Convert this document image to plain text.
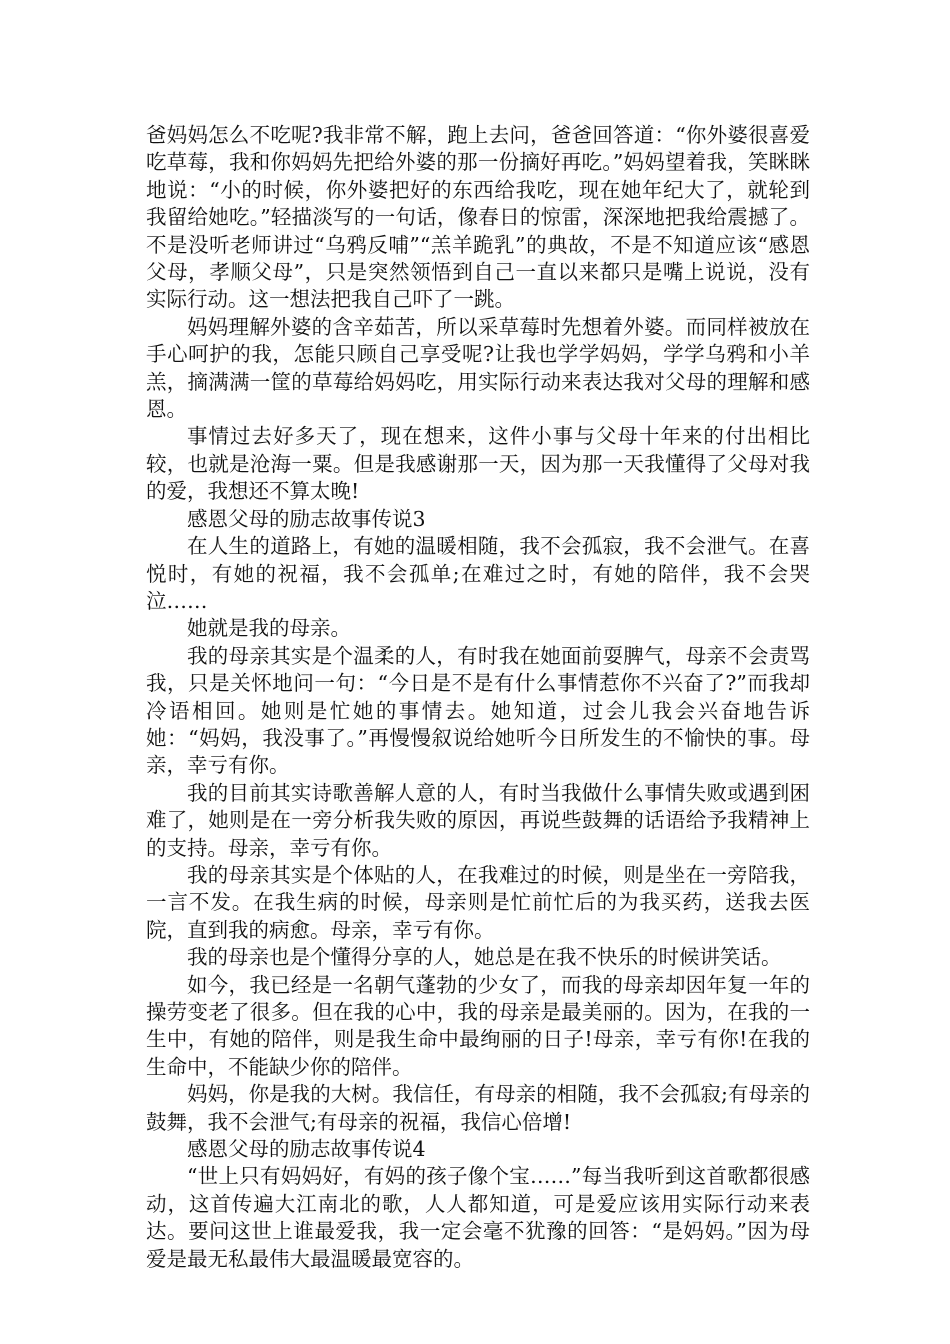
爸妈妈怎么不吃呢?我非常不解，跑上去问，爸爸回答道：“你外婆很喜爱吃草莓，我和你妈妈先把给外婆的那一份摘好再吃。”妈妈望着我，笑眯眯地说：“小的时候，你外婆把好的东西给我吃，现在她年纪大了，就轮到我留给她吃。”轻描淡写的一句话，像春日的惊雷，深深地把我给震撼了。不是没听老师讲过“乌鸦反哺”“羔羊跪乳”的典故，不是不知道应该“感恩父母，孝顺父母”，只是突然领悟到自己一直以来都只是嘴上说说，没有实际行动。这一想法把我自己吓了一跳。

妈妈理解外婆的含辛茹苦，所以采草莓时先想着外婆。而同样被放在手心呵护的我，怎能只顾自己享受呢?让我也学学妈妈，学学乌鸦和小羊羔，摘满满一筐的草莓给妈妈吃，用实际行动来表达我对父母的理解和感恩。

事情过去好多天了，现在想来，这件小事与父母十年来的付出相比较，也就是沧海一粟。但是我感谢那一天，因为那一天我懂得了父母对我的爱，我想还不算太晚!

感恩父母的励志故事传说3

在人生的道路上，有她的温暖相随，我不会孤寂，我不会泄气。在喜悦时，有她的祝福，我不会孤单;在难过之时，有她的陪伴，我不会哭泣……

她就是我的母亲。

我的母亲其实是个温柔的人，有时我在她面前耍脾气，母亲不会责骂我，只是关怀地问一句：“今日是不是有什么事情惹你不兴奋了?”而我却冷语相回。她则是忙她的事情去。她知道，过会儿我会兴奋地告诉她：“妈妈，我没事了。”再慢慢叙说给她听今日所发生的不愉快的事。母亲，幸亏有你。

我的目前其实诗歌善解人意的人，有时当我做什么事情失败或遇到困难了，她则是在一旁分析我失败的原因，再说些鼓舞的话语给予我精神上的支持。母亲，幸亏有你。

我的母亲其实是个体贴的人，在我难过的时候，则是坐在一旁陪我，一言不发。在我生病的时候，母亲则是忙前忙后的为我买药，送我去医院，直到我的病愈。母亲，幸亏有你。

我的母亲也是个懂得分享的人，她总是在我不快乐的时候讲笑话。

如今，我已经是一名朝气蓬勃的少女了，而我的母亲却因年复一年的操劳变老了很多。但在我的心中，我的母亲是最美丽的。因为，在我的一生中，有她的陪伴，则是我生命中最绚丽的日子!母亲，幸亏有你!在我的生命中，不能缺少你的陪伴。

妈妈，你是我的大树。我信任，有母亲的相随，我不会孤寂;有母亲的鼓舞，我不会泄气;有母亲的祝福，我信心倍增!

感恩父母的励志故事传说4

“世上只有妈妈好，有妈的孩子像个宝……”每当我听到这首歌都很感动，这首传遍大江南北的歌，人人都知道，可是爱应该用实际行动来表达。要问这世上谁最爱我，我一定会毫不犹豫的回答：“是妈妈。”因为母爱是最无私最伟大最温暖最宽容的。
